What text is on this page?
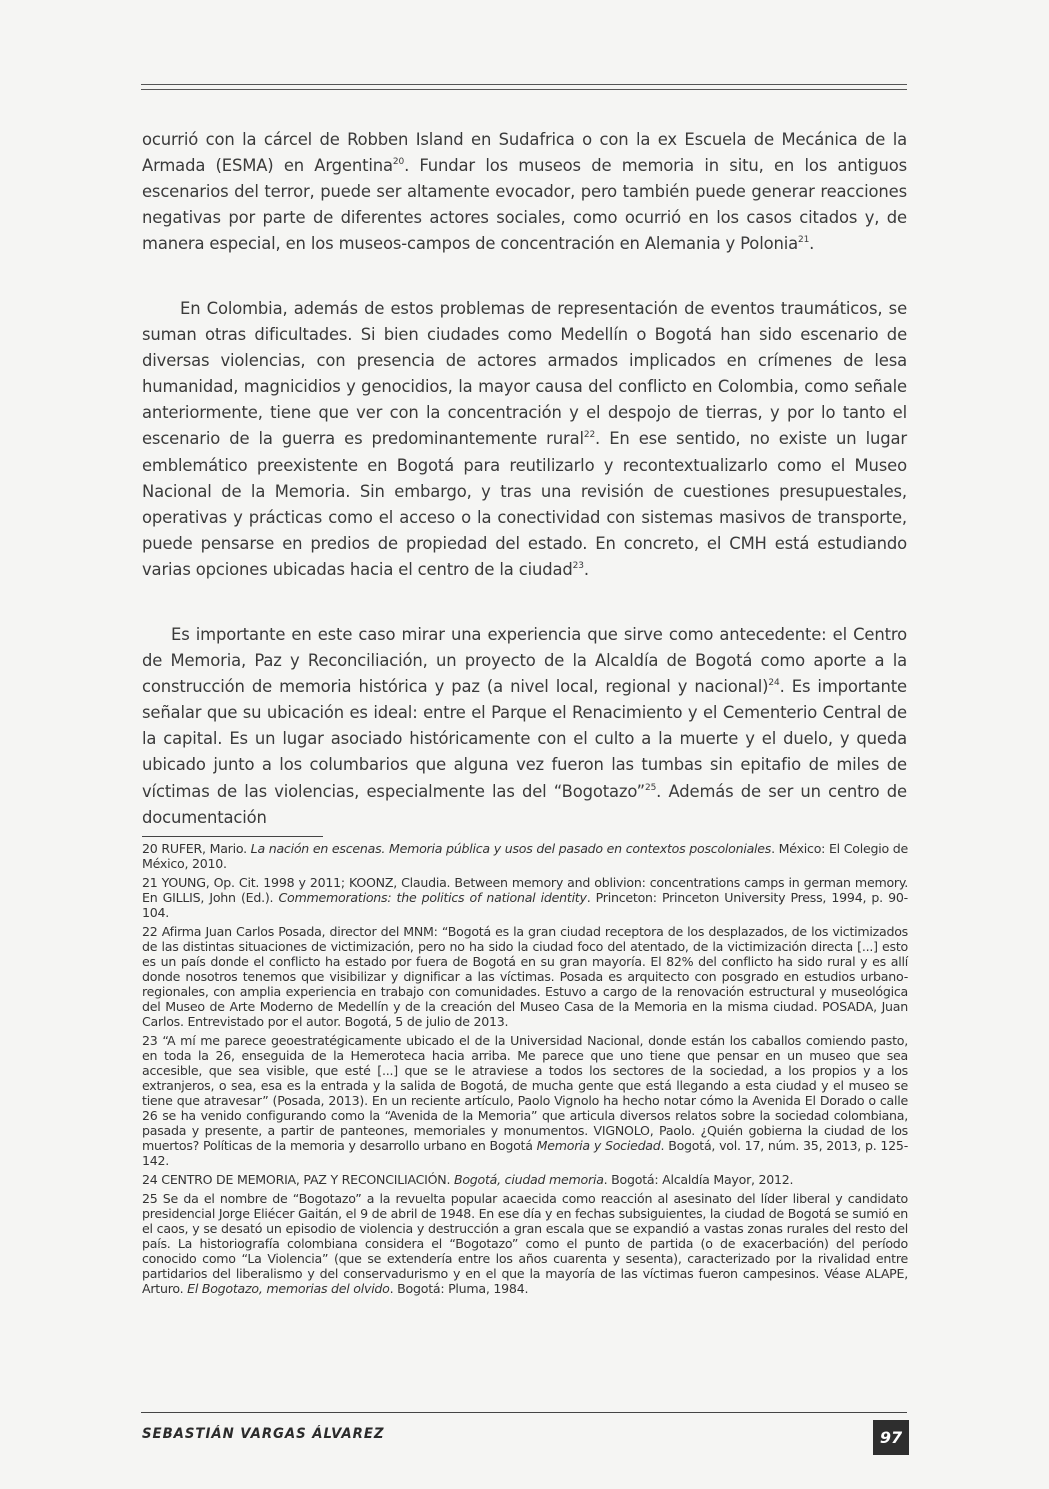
ocurrió con la cárcel de Robben Island en Sudafrica o con la ex Escuela de Mecánica de la Armada (ESMA) en Argentina$^{20}$. Fundar los museos de memoria in situ, en los antiguos escenarios del terror, puede ser altamente evocador, pero también puede generar reacciones negativas por parte de diferentes actores sociales, como ocurrió en los casos citados y, de manera especial, en los museos-campos de concentración en Alemania y Polonia$^{21}$.
En Colombia, además de estos problemas de representación de eventos traumáticos, se suman otras dificultades. Si bien ciudades como Medellín o Bogotá han sido escenario de diversas violencias, con presencia de actores armados implicados en crímenes de lesa humanidad, magnicidios y genocidios, la mayor causa del conflicto en Colombia, como señale anteriormente, tiene que ver con la concentración y el despojo de tierras, y por lo tanto el escenario de la guerra es predominantemente rural$^{22}$. En ese sentido, no existe un lugar emblemático preexistente en Bogotá para reutilizarlo y recontextualizarlo como el Museo Nacional de la Memoria. Sin embargo, y tras una revisión de cuestiones presupuestales, operativas y prácticas como el acceso o la conectividad con sistemas masivos de transporte, puede pensarse en predios de propiedad del estado. En concreto, el CMH está estudiando varias opciones ubicadas hacia el centro de la ciudad$^{23}$.
Es importante en este caso mirar una experiencia que sirve como antecedente: el Centro de Memoria, Paz y Reconciliación, un proyecto de la Alcaldía de Bogotá como aporte a la construcción de memoria histórica y paz (a nivel local, regional y nacional)$^{24}$. Es importante señalar que su ubicación es ideal: entre el Parque el Renacimiento y el Cementerio Central de la capital. Es un lugar asociado históricamente con el culto a la muerte y el duelo, y queda ubicado junto a los columbarios que alguna vez fueron las tumbas sin epitafio de miles de víctimas de las violencias, especialmente las del “Bogotazo”$^{25}$. Además de ser un centro de documentación

20 RUFER, Mario. La nación en escenas. Memoria pública y usos del pasado en contextos poscoloniales. México: El Colegio de México, 2010.

21 YOUNG, Op. Cit. 1998 y 2011; KOONZ, Claudia. Between memory and oblivion: concentrations camps in german memory. En GILLIS, John (Ed.). Commemorations: the politics of national identity. Princeton: Princeton University Press, 1994, p. 90-104.

22 Afirma Juan Carlos Posada, director del MNM: “Bogotá es la gran ciudad receptora de los desplazados, de los victimizados de las distintas situaciones de victimización, pero no ha sido la ciudad foco del atentado, de la victimización directa [...] esto es un país donde el conflicto ha estado por fuera de Bogotá en su gran mayoría. El 82% del conflicto ha sido rural y es allí donde nosotros tenemos que visibilizar y dignificar a las víctimas. Posada es arquitecto con posgrado en estudios urbano-regionales, con amplia experiencia en trabajo con comunidades. Estuvo a cargo de la renovación estructural y museológica del Museo de Arte Moderno de Medellín y de la creación del Museo Casa de la Memoria en la misma ciudad. POSADA, Juan Carlos. Entrevistado por el autor. Bogotá, 5 de julio de 2013.

23 “A mí me parece geoestratégicamente ubicado el de la Universidad Nacional, donde están los caballos comiendo pasto, en toda la 26, enseguida de la Hemeroteca hacia arriba. Me parece que uno tiene que pensar en un museo que sea accesible, que sea visible, que esté [...] que se le atraviese a todos los sectores de la sociedad, a los propios y a los extranjeros, o sea, esa es la entrada y la salida de Bogotá, de mucha gente que está llegando a esta ciudad y el museo se tiene que atravesar” (Posada, 2013). En un reciente artículo, Paolo Vignolo ha hecho notar cómo la Avenida El Dorado o calle 26 se ha venido configurando como la “Avenida de la Memoria” que articula diversos relatos sobre la sociedad colombiana, pasada y presente, a partir de panteones, memoriales y monumentos. VIGNOLO, Paolo. ¿Quién gobierna la ciudad de los muertos? Políticas de la memoria y desarrollo urbano en Bogotá Memoria y Sociedad. Bogotá, vol. 17, núm. 35, 2013, p. 125-142.

24 CENTRO DE MEMORIA, PAZ Y RECONCILIACIÓN. Bogotá, ciudad memoria. Bogotá: Alcaldía Mayor, 2012.

25 Se da el nombre de “Bogotazo” a la revuelta popular acaecida como reacción al asesinato del líder liberal y candidato presidencial Jorge Eliécer Gaitán, el 9 de abril de 1948. En ese día y en fechas subsiguientes, la ciudad de Bogotá se sumió en el caos, y se desató un episodio de violencia y destrucción a gran escala que se expandió a vastas zonas rurales del resto del país. La historiografía colombiana considera el “Bogotazo” como el punto de partida (o de exacerbación) del período conocido como “La Violencia” (que se extendería entre los años cuarenta y sesenta), caracterizado por la rivalidad entre partidarios del liberalismo y del conservadurismo y en el que la mayoría de las víctimas fueron campesinos. Véase ALAPE, Arturo. El Bogotazo, memorias del olvido. Bogotá: Pluma, 1984.

SEBASTIÁN VARGAS ÁLVAREZ	97
